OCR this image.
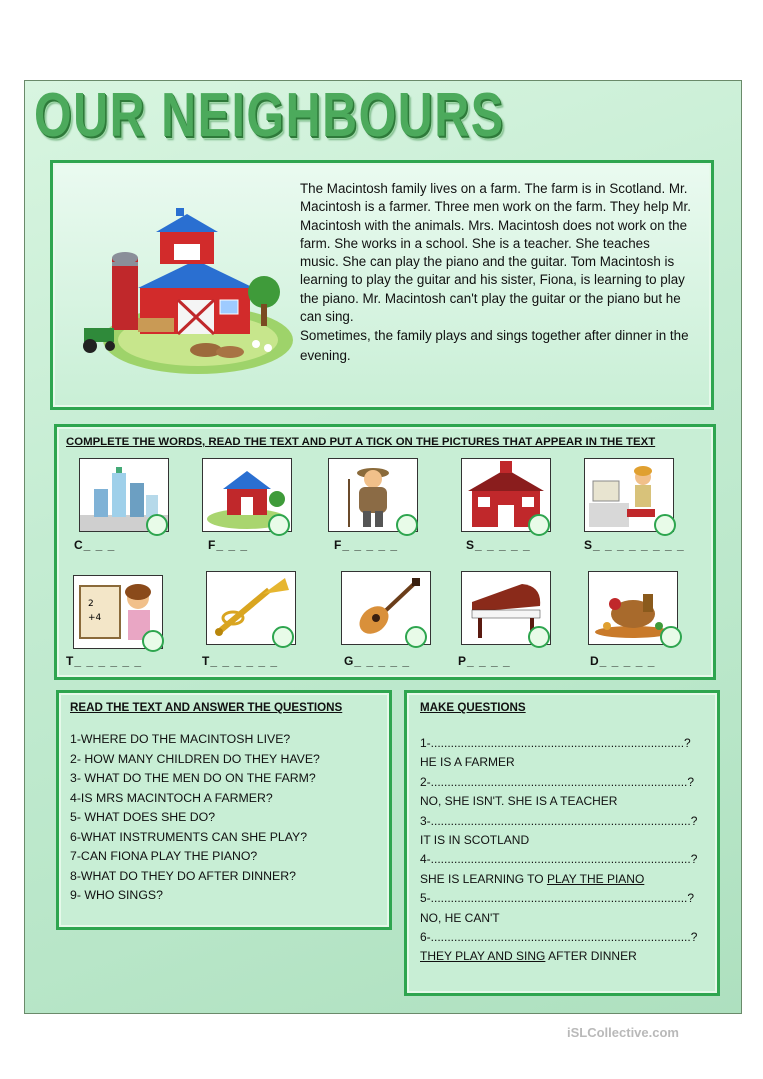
OUR NEIGHBOURS

The Macintosh family lives on a farm. The farm is in Scotland. Mr. Macintosh is a farmer. Three men work on the farm. They help Mr. Macintosh with the animals. Mrs. Macintosh does not work on the farm. She works in a school. She is a teacher. She teaches music. She can play the piano and the guitar. Tom Macintosh is learning to play the guitar and his sister, Fiona, is learning to play the piano. Mr. Macintosh can't play the guitar or the piano but he can sing.

Sometimes, the family plays and sings together after dinner in the evening.

COMPLETE THE WORDS, READ THE TEXT AND PUT A TICK ON THE PICTURES THAT APPEAR IN THE TEXT
C_ _ _	F_ _ _	F_ _ _ _ _	S_ _ _ _ _	S_ _ _ _ _ _ _ _
2
+4
T_ _ _ _ _ _	T_ _ _ _ _ _	G_ _ _ _ _	P_ _ _ _	D_ _ _ _ _
READ THE TEXT AND ANSWER THE QUESTIONS
1-WHERE DO THE MACINTOSH LIVE?
2- HOW MANY CHILDREN DO THEY HAVE?
3- WHAT DO THE MEN DO ON THE FARM?
4-IS MRS MACINTOCH A FARMER?
5- WHAT DOES SHE DO?
6-WHAT INSTRUMENTS CAN SHE PLAY?
7-CAN FIONA PLAY THE PIANO?
8-WHAT DO THEY DO AFTER DINNER?
9- WHO SINGS?
MAKE QUESTIONS
1-............................................................................?
HE IS A FARMER
2-.............................................................................?
NO, SHE ISN'T. SHE IS A TEACHER
3-..............................................................................?
IT IS IN SCOTLAND
4-..............................................................................?
SHE IS LEARNING TO PLAY THE PIANO
5-.............................................................................?
NO, HE CAN'T
6-..............................................................................?
THEY PLAY AND SING AFTER DINNER
iSLCollective.com
